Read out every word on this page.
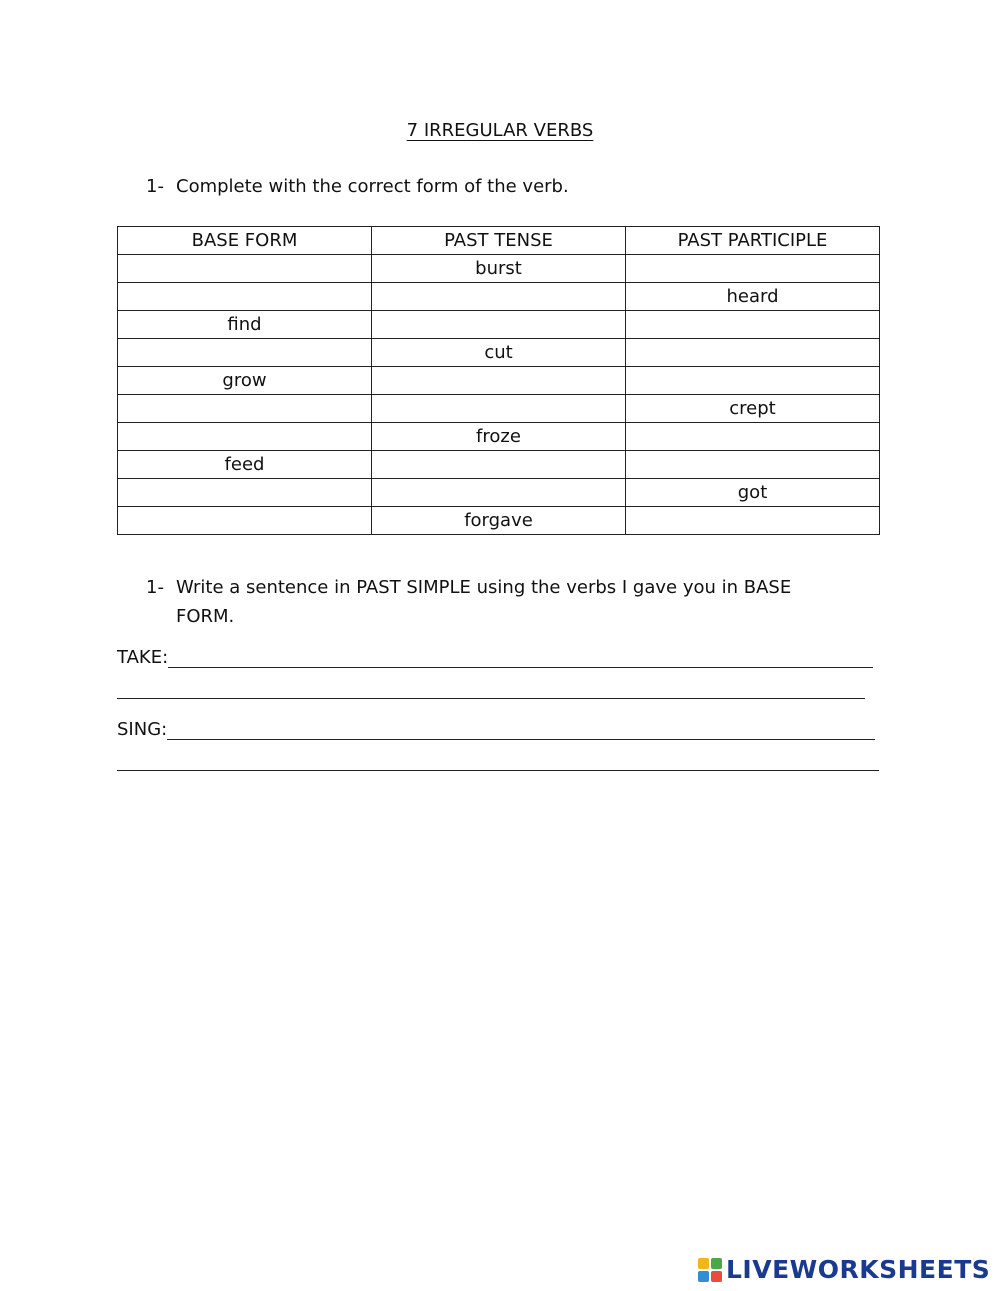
7 IRREGULAR VERBS
1- Complete with the correct form of the verb.
BASE FORM	PAST TENSE	PAST PARTICIPLE
	burst	
		heard
find		
	cut	
grow		
		crept
	froze	
feed		
		got
	forgave	
1- Write a sentence in PAST SIMPLE using the verbs I gave you in BASE FORM.
TAKE:
SING:
LIVEWORKSHEETS
